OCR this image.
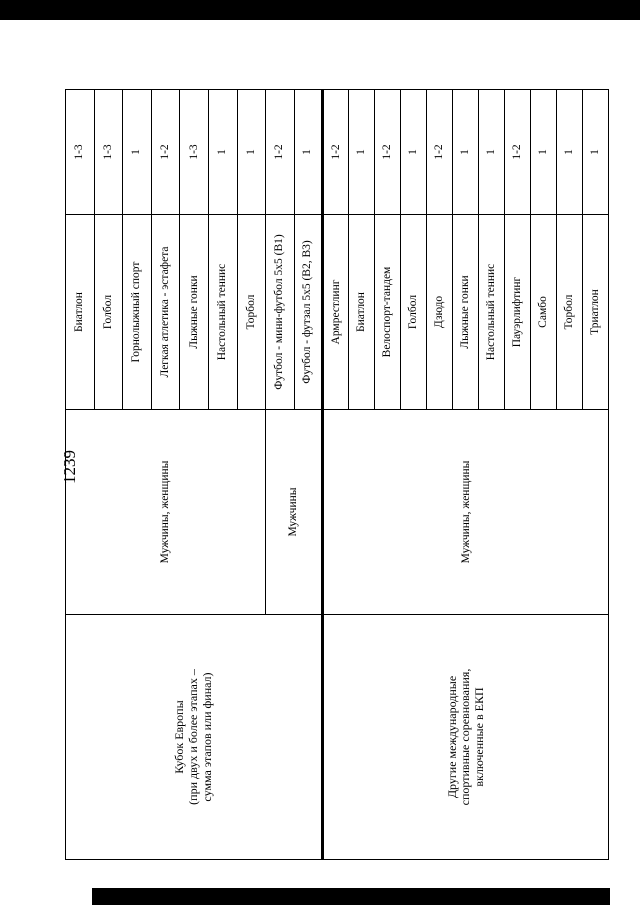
1239
Кубок Европы
(при двух и более этапах –
сумма этапов или финал)	Мужчины, женщины	Биатлон	1-3
		Голбол	1-3
		Горнолыжный спорт	1
		Легкая атлетика - эстафета	1-2
		Лыжные гонки	1-3
		Настольный теннис	1
		Торбол	1
	Мужчины	Футбол - мини-футбол 5х5 (В1)	1-2
		Футбол - футзал 5х5 (В2, В3)	1
Другие международные
спортивные соревнования,
включенные в ЕКП	Мужчины, женщины	Армрестлинг	1-2
		Биатлон	1
		Велоспорт-тандем	1-2
		Голбол	1
		Дзюдо	1-2
		Лыжные гонки	1
		Настольный теннис	1
		Пауэрлифтинг	1-2
		Самбо	1
		Торбол	1
		Триатлон	1
